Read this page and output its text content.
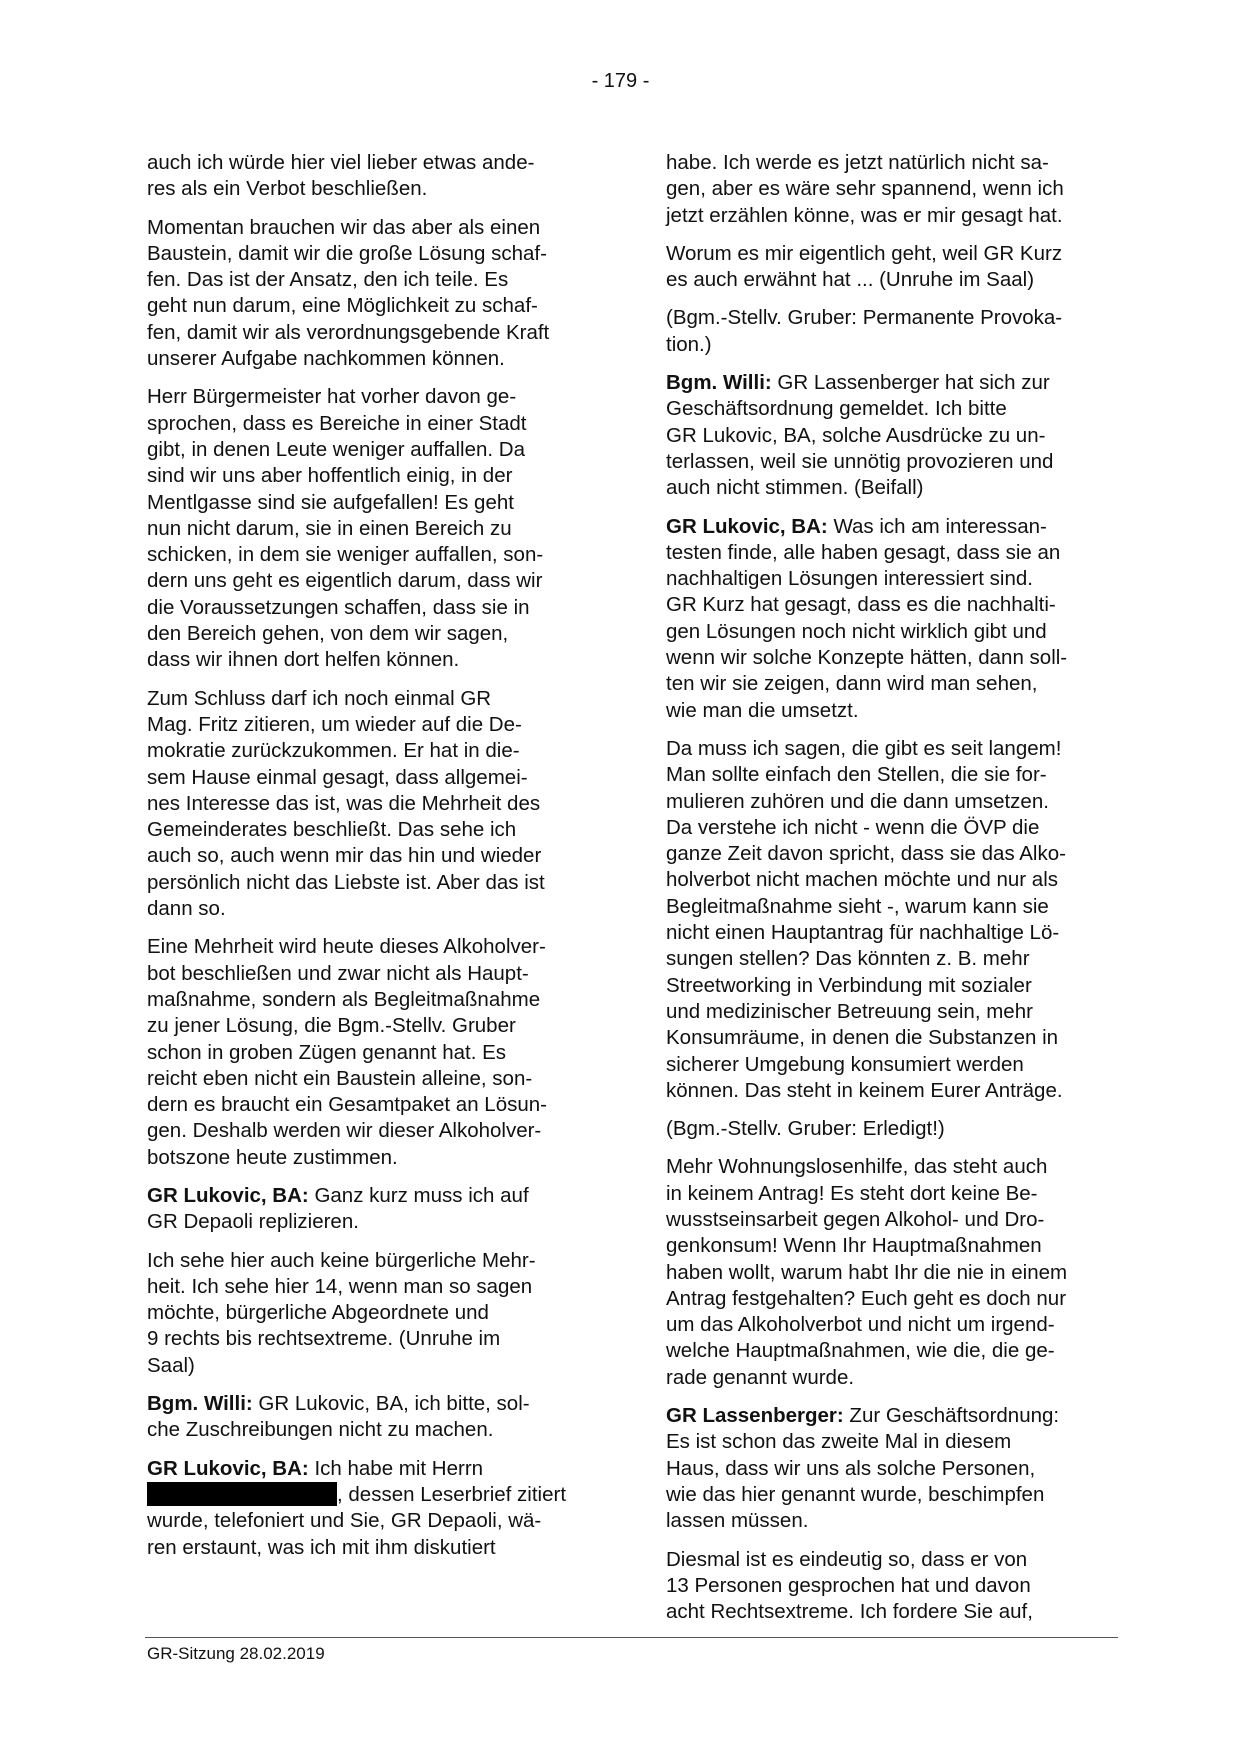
- 179 -
auch ich würde hier viel lieber etwas ande-
res als ein Verbot beschließen.
Momentan brauchen wir das aber als einen
Baustein, damit wir die große Lösung schaf-
fen. Das ist der Ansatz, den ich teile. Es
geht nun darum, eine Möglichkeit zu schaf-
fen, damit wir als verordnungsgebende Kraft
unserer Aufgabe nachkommen können.
Herr Bürgermeister hat vorher davon ge-
sprochen, dass es Bereiche in einer Stadt
gibt, in denen Leute weniger auffallen. Da
sind wir uns aber hoffentlich einig, in der
Mentlgasse sind sie aufgefallen! Es geht
nun nicht darum, sie in einen Bereich zu
schicken, in dem sie weniger auffallen, son-
dern uns geht es eigentlich darum, dass wir
die Voraussetzungen schaffen, dass sie in
den Bereich gehen, von dem wir sagen,
dass wir ihnen dort helfen können.
Zum Schluss darf ich noch einmal GR
Mag. Fritz zitieren, um wieder auf die De-
mokratie zurückzukommen. Er hat in die-
sem Hause einmal gesagt, dass allgemei-
nes Interesse das ist, was die Mehrheit des
Gemeinderates beschließt. Das sehe ich
auch so, auch wenn mir das hin und wieder
persönlich nicht das Liebste ist. Aber das ist
dann so.
Eine Mehrheit wird heute dieses Alkoholver-
bot beschließen und zwar nicht als Haupt-
maßnahme, sondern als Begleitmaßnahme
zu jener Lösung, die Bgm.-Stellv. Gruber
schon in groben Zügen genannt hat. Es
reicht eben nicht ein Baustein alleine, son-
dern es braucht ein Gesamtpaket an Lösun-
gen. Deshalb werden wir dieser Alkoholver-
botszone heute zustimmen.
GR Lukovic, BA: Ganz kurz muss ich auf
GR Depaoli replizieren.
Ich sehe hier auch keine bürgerliche Mehr-
heit. Ich sehe hier 14, wenn man so sagen
möchte, bürgerliche Abgeordnete und
9 rechts bis rechtsextreme. (Unruhe im
Saal)
Bgm. Willi: GR Lukovic, BA, ich bitte, sol-
che Zuschreibungen nicht zu machen.
GR Lukovic, BA: Ich habe mit Herrn
, dessen Leserbrief zitiert
wurde, telefoniert und Sie, GR Depaoli, wä-
ren erstaunt, was ich mit ihm diskutiert
habe. Ich werde es jetzt natürlich nicht sa-
gen, aber es wäre sehr spannend, wenn ich
jetzt erzählen könne, was er mir gesagt hat.
Worum es mir eigentlich geht, weil GR Kurz
es auch erwähnt hat ... (Unruhe im Saal)
(Bgm.-Stellv. Gruber: Permanente Provoka-
tion.)
Bgm. Willi: GR Lassenberger hat sich zur
Geschäftsordnung gemeldet. Ich bitte
GR Lukovic, BA, solche Ausdrücke zu un-
terlassen, weil sie unnötig provozieren und
auch nicht stimmen. (Beifall)
GR Lukovic, BA: Was ich am interessan-
testen finde, alle haben gesagt, dass sie an
nachhaltigen Lösungen interessiert sind.
GR Kurz hat gesagt, dass es die nachhalti-
gen Lösungen noch nicht wirklich gibt und
wenn wir solche Konzepte hätten, dann soll-
ten wir sie zeigen, dann wird man sehen,
wie man die umsetzt.
Da muss ich sagen, die gibt es seit langem!
Man sollte einfach den Stellen, die sie for-
mulieren zuhören und die dann umsetzen.
Da verstehe ich nicht - wenn die ÖVP die
ganze Zeit davon spricht, dass sie das Alko-
holverbot nicht machen möchte und nur als
Begleitmaßnahme sieht -, warum kann sie
nicht einen Hauptantrag für nachhaltige Lö-
sungen stellen? Das könnten z. B. mehr
Streetworking in Verbindung mit sozialer
und medizinischer Betreuung sein, mehr
Konsumräume, in denen die Substanzen in
sicherer Umgebung konsumiert werden
können. Das steht in keinem Eurer Anträge.
(Bgm.-Stellv. Gruber: Erledigt!)
Mehr Wohnungslosenhilfe, das steht auch
in keinem Antrag! Es steht dort keine Be-
wusstseinsarbeit gegen Alkohol- und Dro-
genkonsum! Wenn Ihr Hauptmaßnahmen
haben wollt, warum habt Ihr die nie in einem
Antrag festgehalten? Euch geht es doch nur
um das Alkoholverbot und nicht um irgend-
welche Hauptmaßnahmen, wie die, die ge-
rade genannt wurde.
GR Lassenberger: Zur Geschäftsordnung:
Es ist schon das zweite Mal in diesem
Haus, dass wir uns als solche Personen,
wie das hier genannt wurde, beschimpfen
lassen müssen.
Diesmal ist es eindeutig so, dass er von
13 Personen gesprochen hat und davon
acht Rechtsextreme. Ich fordere Sie auf,
GR-Sitzung 28.02.2019
